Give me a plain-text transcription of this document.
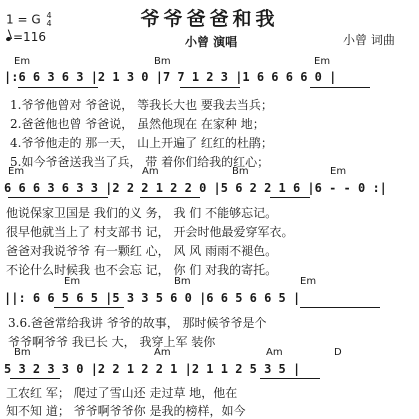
爷爷爸爸和我
1 = G 4
4
=116	小曾 演唱	小曾 词曲
Em	Bm	Em
|:6 6 3 6 3 |2 1 3 0 |7 7 1 2 3 |1 6 6 6 6 0 |
1.爷爷他曾对 爷爸说， 等我长大也 要我去当兵；
2.爸爸他也曾 爷爸说， 虽然他现在 在家种 地；
4.爷爷他走的 那一天， 山上开遍了 红红的杜鹃；
5.如今爷爸送我当了兵， 带 着你们给我的红心；
Em	Am	Bm	Em
6 6 6 3 6 3 3 |2 2 2 1 2 2 0 |5 6 2 2 1 6 |6 - - 0 :|
他说保家卫国是 我们的义 务， 我 们 不能够忘记。
很早他就当上了 村支部书 记， 开会时他最爱穿军衣。
爸爸对我说爷爷 有一颗红 心， 风 风 雨雨不褪色。
不论什么时候我 也不会忘 记， 你 们 对我的寄托。
Em	Bm	Em
||: 6 6 5 6 5 |5 3 3 5 6 0 |6 6 5 6 6 5 |
3.6.爸爸常给我讲 爷爷的故事， 那时候爷爷是个
爷爷啊爷爷 我已长 大， 我穿上军 装你
Bm	Am	Am	D
5 3 2 3 3 0 |2 2 1 2 2 1 |2 1 1 2 5 3 5 |
工农红 军； 爬过了雪山还 走过草 地，他在
知不知 道； 爷爷啊爷爷你 是我的榜样，如今
